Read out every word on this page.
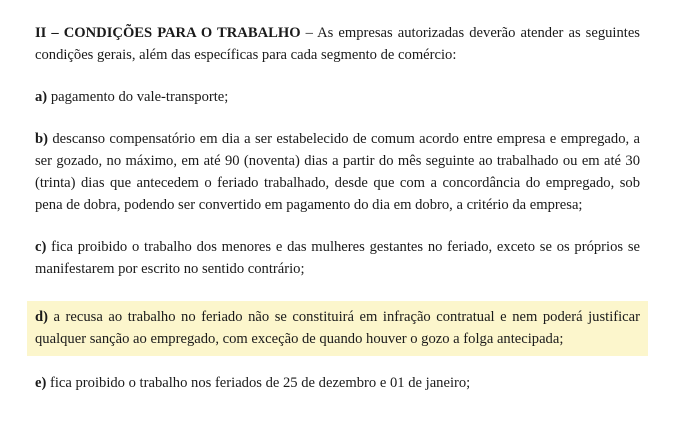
II – CONDIÇÕES PARA O TRABALHO – As empresas autorizadas deverão atender as seguintes condições gerais, além das específicas para cada segmento de comércio:

a) pagamento do vale-transporte;

b) descanso compensatório em dia a ser estabelecido de comum acordo entre empresa e empregado, a ser gozado, no máximo, em até 90 (noventa) dias a partir do mês seguinte ao trabalhado ou em até 30 (trinta) dias que antecedem o feriado trabalhado, desde que com a concordância do empregado, sob pena de dobra, podendo ser convertido em pagamento do dia em dobro, a critério da empresa;

c) fica proibido o trabalho dos menores e das mulheres gestantes no feriado, exceto se os próprios se manifestarem por escrito no sentido contrário;

d) a recusa ao trabalho no feriado não se constituirá em infração contratual e nem poderá justificar qualquer sanção ao empregado, com exceção de quando houver o gozo a folga antecipada;

e) fica proibido o trabalho nos feriados de 25 de dezembro e 01 de janeiro;
